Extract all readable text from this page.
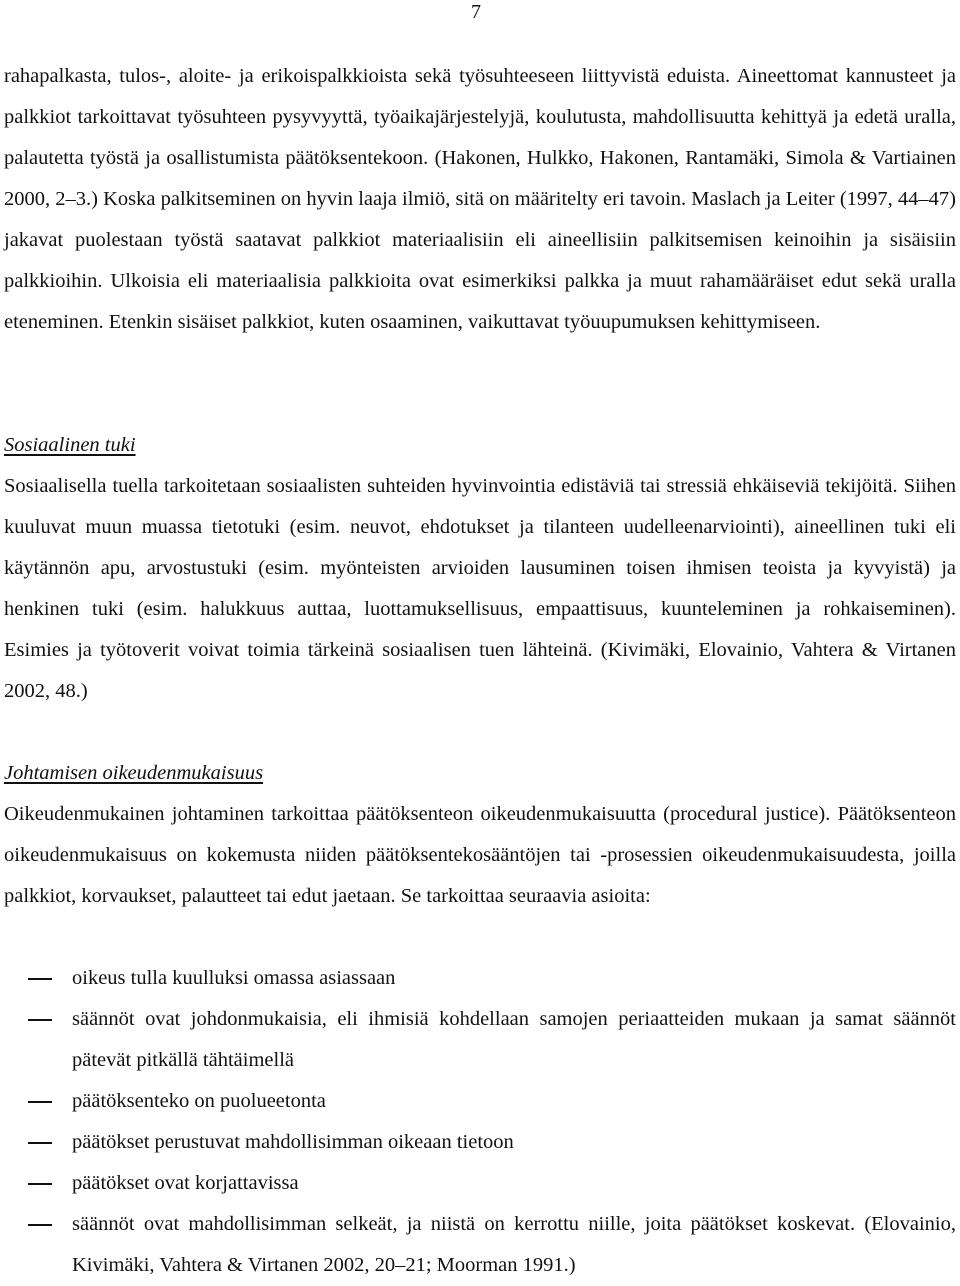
7

rahapalkasta, tulos-, aloite- ja erikoispalkkioista sekä työsuhteeseen liittyvistä eduista. Aineettomat kannusteet ja palkkiot tarkoittavat työsuhteen pysyvyyttä, työaikajärjestelyjä, koulutusta, mahdollisuutta kehittyä ja edetä uralla, palautetta työstä ja osallistumista päätöksentekoon. (Hakonen, Hulkko, Hakonen, Rantamäki, Simola & Vartiainen 2000, 2–3.) Koska palkitseminen on hyvin laaja ilmiö, sitä on määritelty eri tavoin. Maslach ja Leiter (1997, 44–47) jakavat puolestaan työstä saatavat palkkiot materiaalisiin eli aineellisiin palkitsemisen keinoihin ja sisäisiin palkkioihin. Ulkoisia eli materiaalisia palkkioita ovat esimerkiksi palkka ja muut rahamääräiset edut sekä uralla eteneminen. Etenkin sisäiset palkkiot, kuten osaaminen, vaikuttavat työuupumuksen kehittymiseen.

Sosiaalinen tuki

Sosiaalisella tuella tarkoitetaan sosiaalisten suhteiden hyvinvointia edistäviä tai stressiä ehkäiseviä tekijöitä. Siihen kuuluvat muun muassa tietotuki (esim. neuvot, ehdotukset ja tilanteen uudelleenarviointi), aineellinen tuki eli käytännön apu, arvostustuki (esim. myönteisten arvioiden lausuminen toisen ihmisen teoista ja kyvyistä) ja henkinen tuki (esim. halukkuus auttaa, luottamuksellisuus, empaattisuus, kuunteleminen ja rohkaiseminen). Esimies ja työtoverit voivat toimia tärkeinä sosiaalisen tuen lähteinä. (Kivimäki, Elovainio, Vahtera & Virtanen 2002, 48.)

Johtamisen oikeudenmukaisuus

Oikeudenmukainen johtaminen tarkoittaa päätöksenteon oikeudenmukaisuutta (procedural justice). Päätöksenteon oikeudenmukaisuus on kokemusta niiden päätöksentekosääntöjen tai -prosessien oikeudenmukaisuudesta, joilla palkkiot, korvaukset, palautteet tai edut jaetaan. Se tarkoittaa seuraavia asioita:

oikeus tulla kuulluksi omassa asiassaan
säännöt ovat johdonmukaisia, eli ihmisiä kohdellaan samojen periaatteiden mukaan ja samat säännöt pätevät pitkällä tähtäimellä
päätöksenteko on puolueetonta
päätökset perustuvat mahdollisimman oikeaan tietoon
päätökset ovat korjattavissa
säännöt ovat mahdollisimman selkeät, ja niistä on kerrottu niille, joita päätökset koskevat. (Elovainio, Kivimäki, Vahtera & Virtanen 2002, 20–21; Moorman 1991.)
